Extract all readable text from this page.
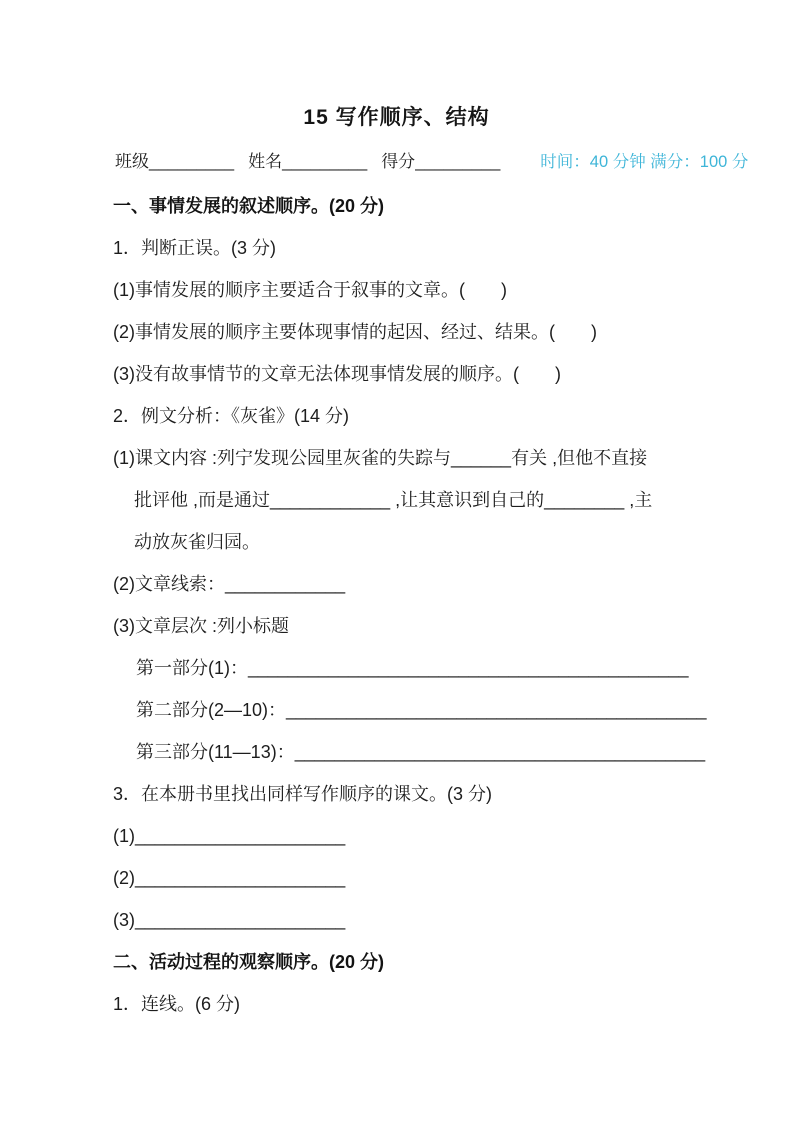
15 写作顺序、结构
班级 _________ 姓名 _________ 得分 _________ 时间：40 分钟 满分：100 分
一、事情发展的叙述顺序。(20 分)
1．判断正误。(3 分)
(1)事情发展的顺序主要适合于叙事的文章。(　　)
(2)事情发展的顺序主要体现事情的起因、经过、结果。(　　)
(3)没有故事情节的文章无法体现事情发展的顺序。(　　)
2．例文分析：《灰雀》(14 分)
(1)课文内容 :列宁发现公园里灰雀的失踪与______有关 ,但他不直接
批评他 ,而是通过____________ ,让其意识到自己的________ ,主
动放灰雀归园。
(2)文章线索：____________
(3)文章层次 :列小标题
第一部分(1)：____________________________________________
第二部分(2—10)：__________________________________________
第三部分(11—13)：_________________________________________
3．在本册书里找出同样写作顺序的课文。(3 分)
(1)_____________________
(2)_____________________
(3)_____________________
二、活动过程的观察顺序。(20 分)
1．连线。(6 分)
